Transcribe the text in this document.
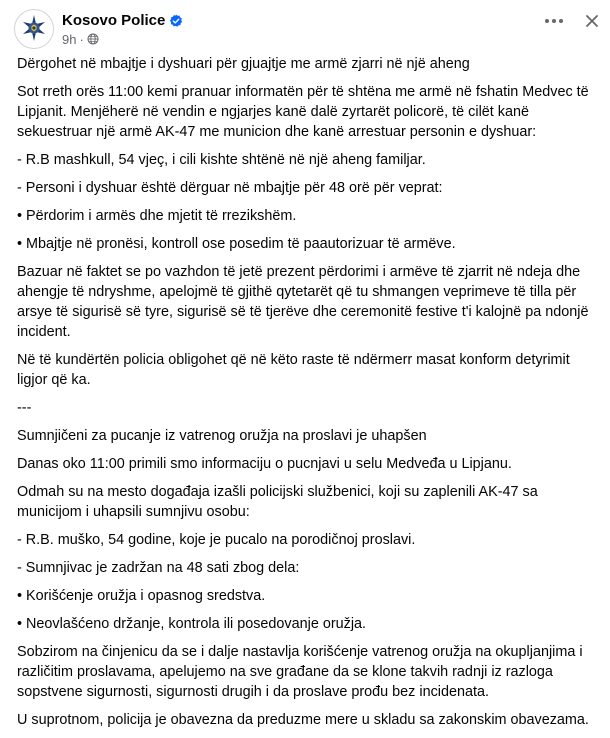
Kosovo Police
9h ·

Dërgohet në mbajtje i dyshuari për gjuajtje me armë zjarri në një aheng

Sot rreth orës 11:00 kemi pranuar informatën për të shtëna me armë në fshatin Medvec të Lipjanit. Menjëherë në vendin e ngjarjes kanë dalë zyrtarët policorë, të cilët kanë sekuestruar një armë AK-47 me municion dhe kanë arrestuar personin e dyshuar:

- R.B mashkull, 54 vjeç, i cili kishte shtënë në një aheng familjar.

- Personi i dyshuar është dërguar në mbajtje për 48 orë për veprat:

• Përdorim i armës dhe mjetit të rrezikshëm.

• Mbajtje në pronësi, kontroll ose posedim të paautorizuar të armëve.

Bazuar në faktet se po vazhdon të jetë prezent përdorimi i armëve të zjarrit në ndeja dhe ahengje të ndryshme, apelojmë të gjithë qytetarët që tu shmangen veprimeve të tilla për arsye të sigurisë së tyre, sigurisë së të tjerëve dhe ceremonitë festive t'i kalojnë pa ndonjë incident.

Në të kundërtën policia obligohet që në këto raste të ndërmerr masat konform detyrimit ligjor që ka.

---

Sumnjičeni za pucanje iz vatrenog oružja na proslavi je uhapšen

Danas oko 11:00 primili smo informaciju o pucnjavi u selu Medveđa u Lipjanu.

Odmah su na mesto događaja izašli policijski službenici, koji su zaplenili AK-47 sa municijom i uhapsili sumnjivu osobu:

- R.B. muško, 54 godine, koje je pucalo na porodičnoj proslavi.

- Sumnjivac je zadržan na 48 sati zbog dela:

• Korišćenje oružja i opasnog sredstva.

• Neovlašćeno držanje, kontrola ili posedovanje oružja.

Sobzirom na činjenicu da se i dalje nastavlja korišćenje vatrenog oružja na okupljanjima i različitim proslavama, apelujemo na sve građane da se klone takvih radnji iz razloga sopstvene sigurnosti, sigurnosti drugih i da proslave prođu bez incidenata.

U suprotnom, policija je obavezna da preduzme mere u skladu sa zakonskim obavezama.
